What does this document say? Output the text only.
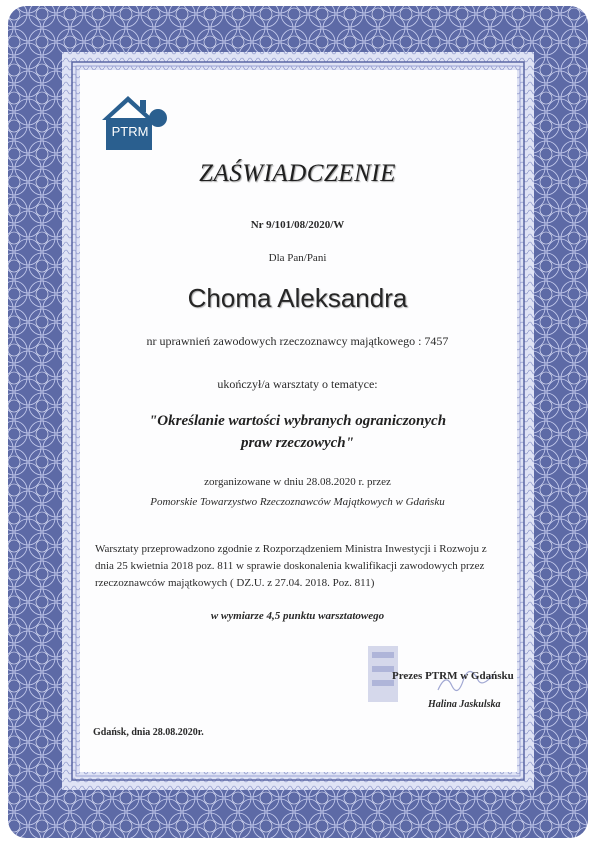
PTRM
ZAŚWIADCZENIE
Nr 9/101/08/2020/W
Dla Pan/Pani
Choma Aleksandra
nr uprawnień zawodowych rzeczoznawcy majątkowego : 7457
ukończył/a warsztaty o tematyce:
"Określanie wartości wybranych ograniczonych
praw rzeczowych"
zorganizowane w dniu 28.08.2020 r. przez
Pomorskie Towarzystwo Rzeczoznawców Majątkowych w Gdańsku
Warsztaty przeprowadzono zgodnie z Rozporządzeniem Ministra Inwestycji i Rozwoju z dnia 25 kwietnia 2018 poz. 811 w sprawie doskonalenia kwalifikacji zawodowych przez rzeczoznawców majątkowych ( DZ.U. z 27.04. 2018. Poz. 811)
w wymiarze 4,5 punktu warsztatowego
Prezes PTRM w Gdańsku
Halina Jaskulska
Gdańsk, dnia 28.08.2020r.
